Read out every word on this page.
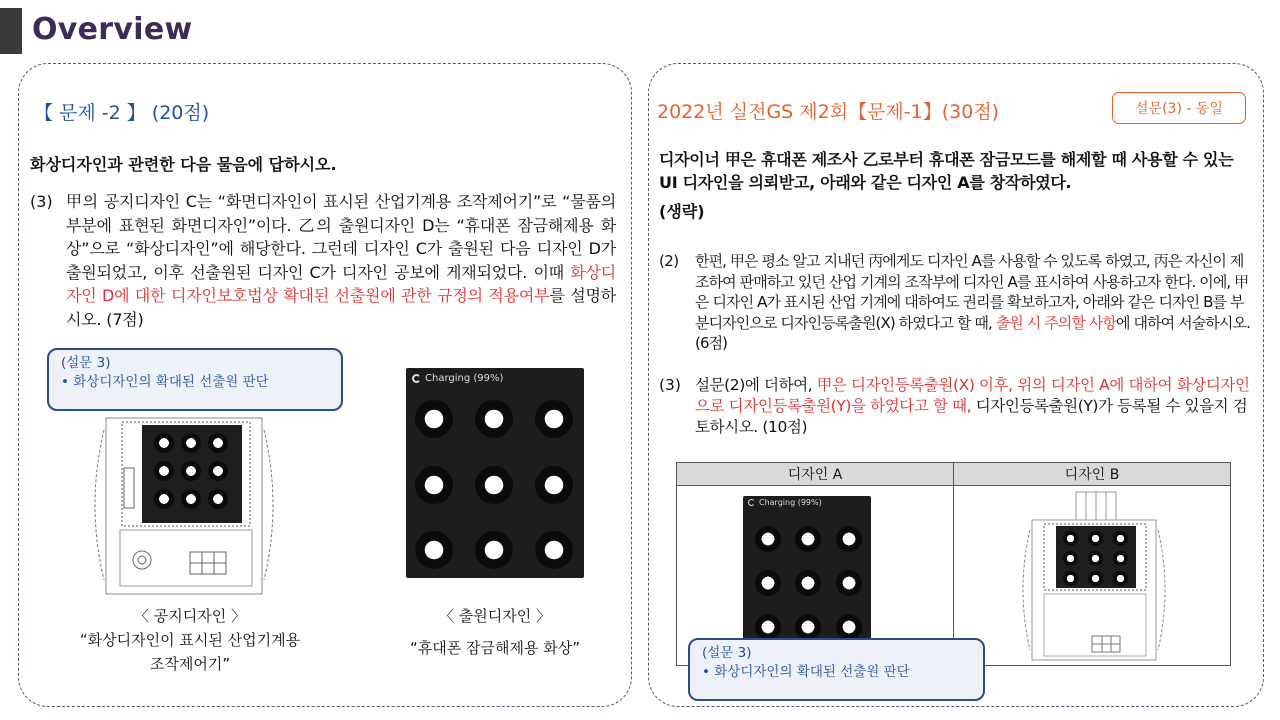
Overview
【 문제 -2 】 (20점)
화상디자인과 관련한 다음 물음에 답하시오.
(3) 甲의 공지디자인 C는 “화면디자인이 표시된 산업기계용 조작제어기”로 “물품의 부분에 표현된 화면디자인”이다. 乙의 출원디자인 D는 “휴대폰 잠금해제용 화상”으로 “화상디자인”에 해당한다. 그런데 디자인 C가 출원된 다음 디자인 D가 출원되었고, 이후 선출원된 디자인 C가 디자인 공보에 게재되었다. 이때 화상디자인 D에 대한 디자인보호법상 확대된 선출원에 관한 규정의 적용여부를 설명하시오. (7점)
(설문 3)
• 화상디자인의 확대된 선출원 판단
〈 공지디자인 〉
“화상디자인이 표시된 산업기계용
조작제어기”
Charging (99%)
〈 출원디자인 〉
“휴대폰 잠금해제용 화상”
2022년 실전GS 제2회【문제-1】(30점)	설문(3) - 동일
디자이너 甲은 휴대폰 제조사 乙로부터 휴대폰 잠금모드를 해제할 때 사용할 수 있는 UI 디자인을 의뢰받고, 아래와 같은 디자인 A를 창작하였다.
(생략)
(2)	한편, 甲은 평소 알고 지내던 丙에게도 디자인 A를 사용할 수 있도록 하였고, 丙은 자신이 제조하여 판매하고 있던 산업 기계의 조작부에 디자인 A를 표시하여 사용하고자 한다. 이에, 甲은 디자인 A가 표시된 산업 기계에 대하여도 권리를 확보하고자, 아래와 같은 디자인 B를 부분디자인으로 디자인등록출원(X) 하였다고 할 때, 출원 시 주의할 사항에 대하여 서술하시오. (6점)
(3) 설문(2)에 더하여, 甲은 디자인등록출원(X) 이후, 위의 디자인 A에 대하여 화상디자인으로 디자인등록출원(Y)을 하였다고 할 때, 디자인등록출원(Y)가 등록될 수 있을지 검토하시오. (10점)
디자인 A	디자인 B

Charging (99%)
(설문 3)
• 화상디자인의 확대된 선출원 판단
